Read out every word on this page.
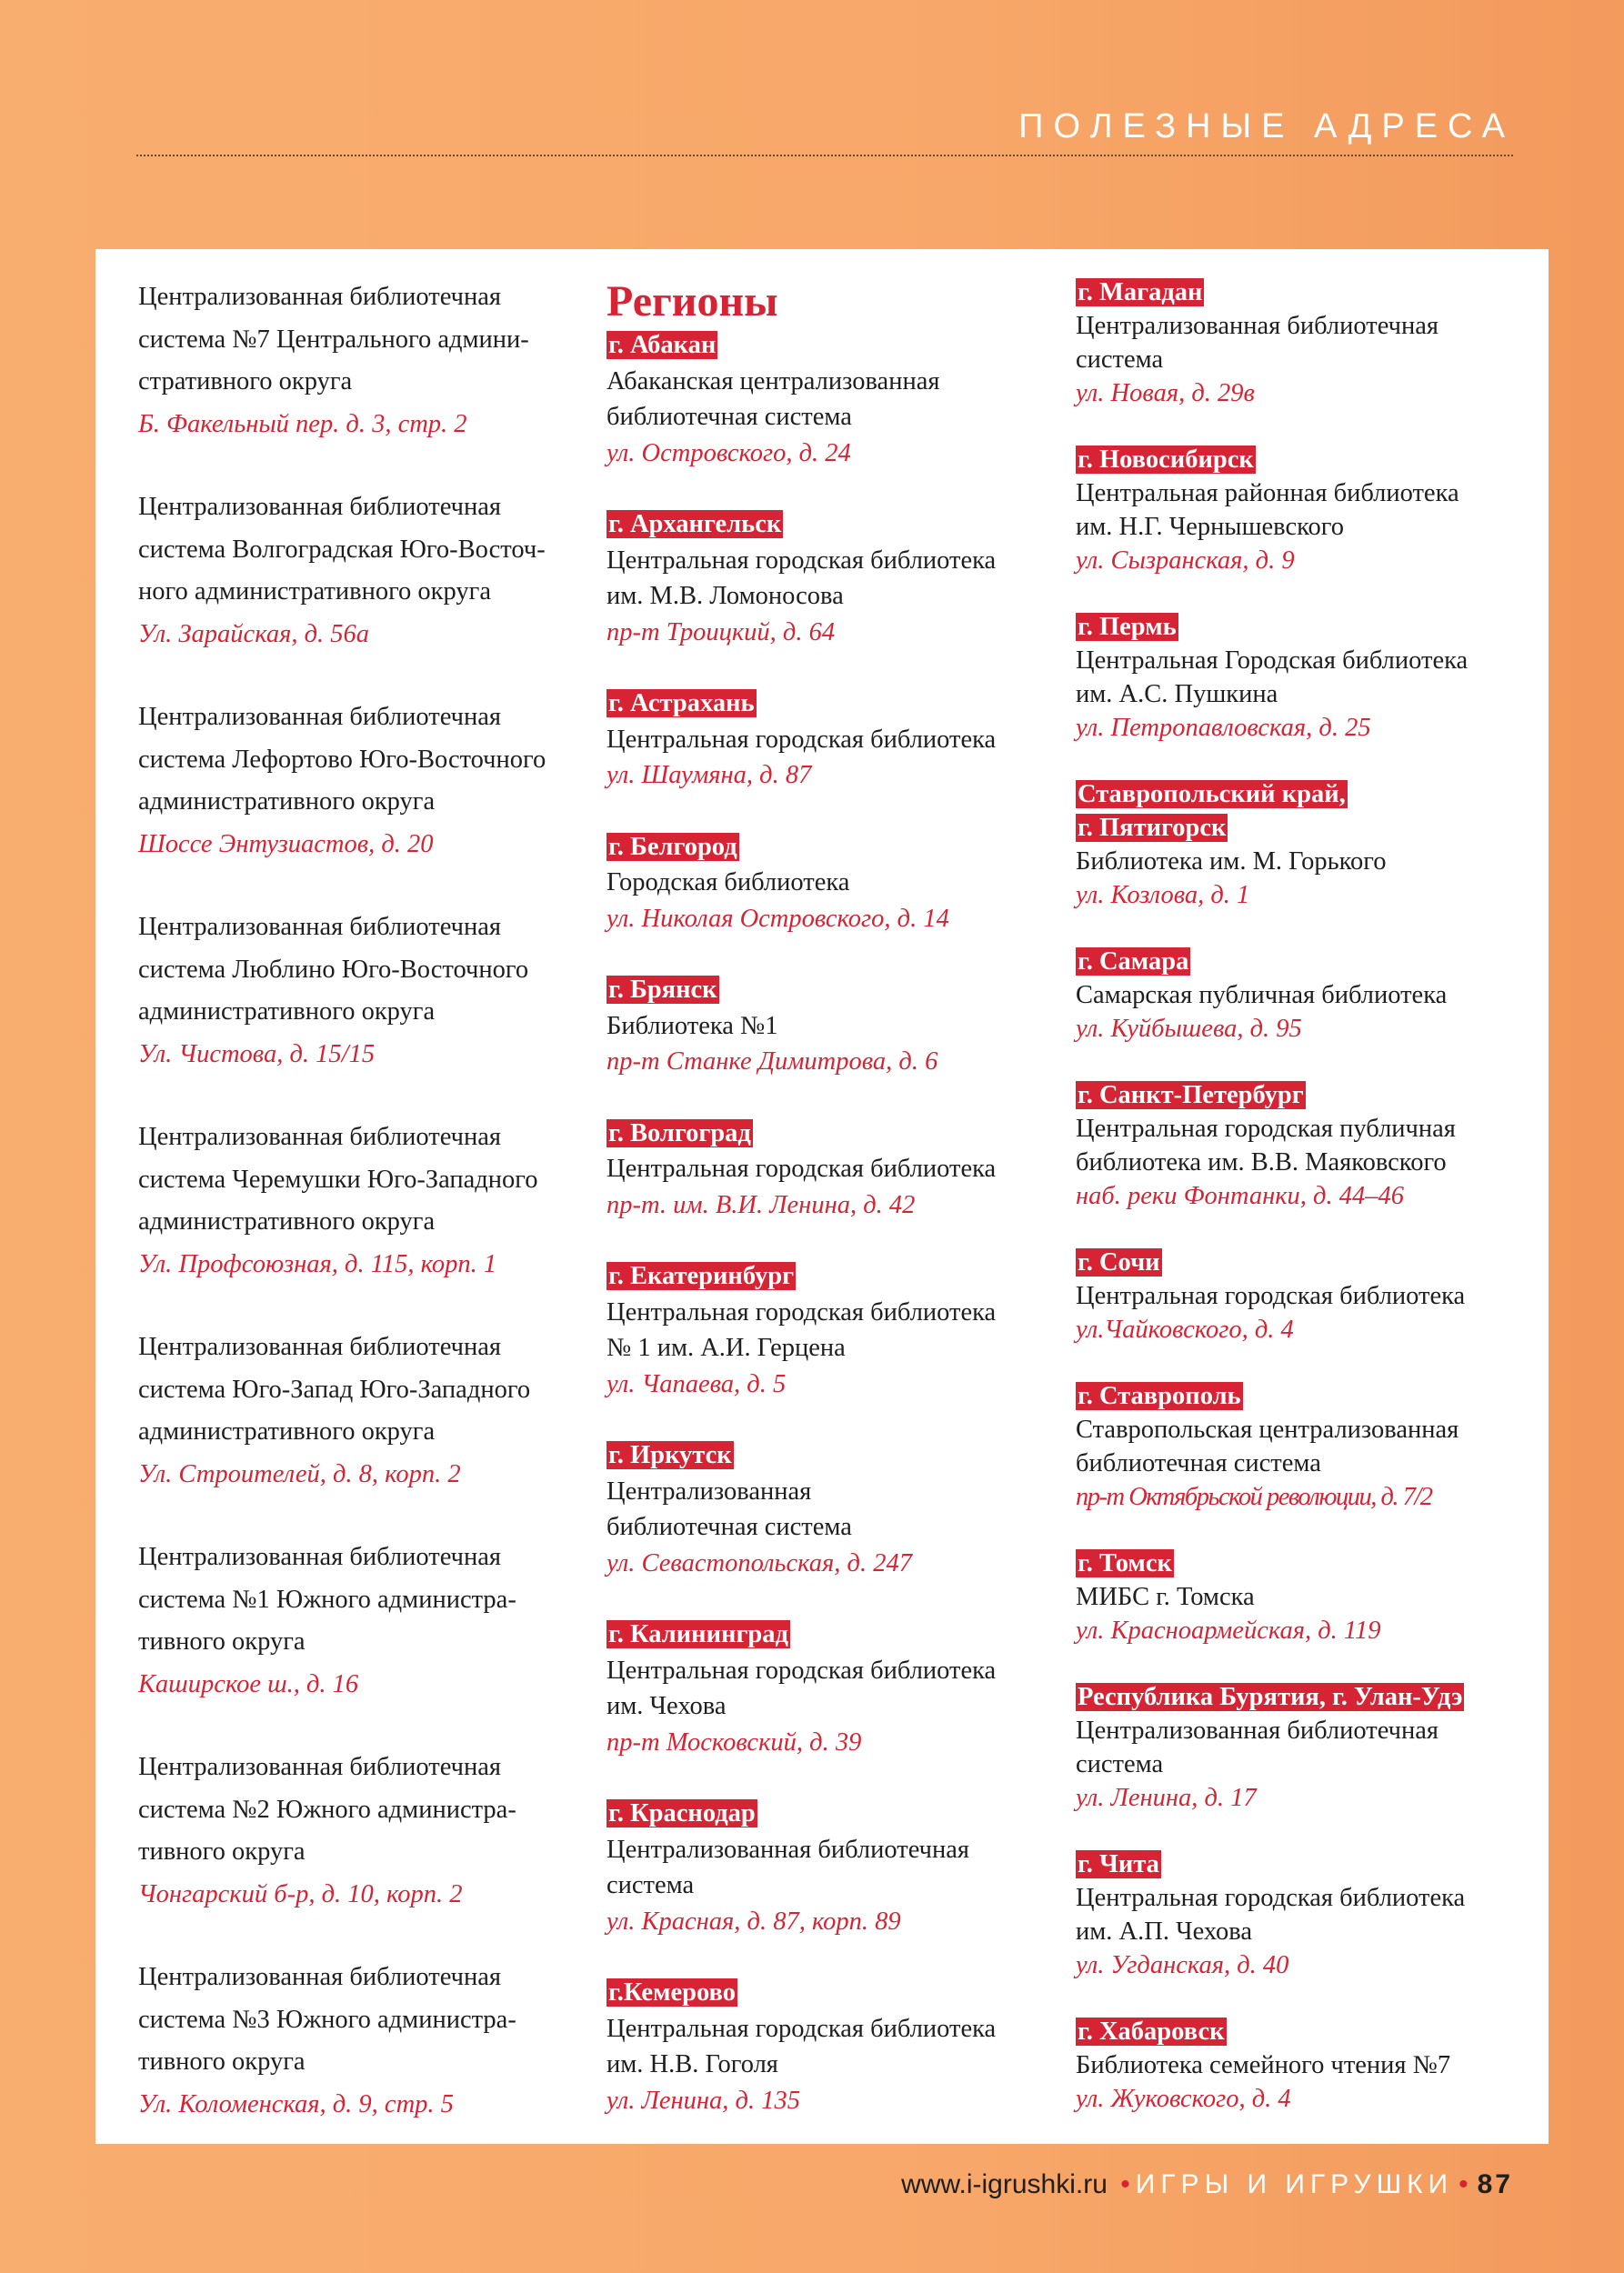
ПОЛЕЗНЫЕ АДРЕСА
Централизованная библиотечная
система №7 Центрального админи-
стративного округа
Б. Факельный пер. д. 3, стр. 2
Централизованная библиотечная
система Волгоградская Юго-Восточ-
ного административного округа
Ул. Зарайская, д. 56а
Централизованная библиотечная
система Лефортово Юго-Восточного
административного округа
Шоссе Энтузиастов, д. 20
Централизованная библиотечная
система Люблино Юго-Восточного
административного округа
Ул. Чистова, д. 15/15
Централизованная библиотечная
система Черемушки Юго-Западного
административного округа
Ул. Профсоюзная, д. 115, корп. 1
Централизованная библиотечная
система Юго-Запад Юго-Западного
административного округа
Ул. Строителей, д. 8, корп. 2
Централизованная библиотечная
система №1 Южного администра-
тивного округа
Каширское ш., д. 16
Централизованная библиотечная
система №2 Южного администра-
тивного округа
Чонгарский б-р, д. 10, корп. 2
Централизованная библиотечная
система №3 Южного администра-
тивного округа
Ул. Коломенская, д. 9, стр. 5
Регионы
г. Абакан
Абаканская централизованная
библиотечная система
ул. Островского, д. 24
г. Архангельск
Центральная городская библиотека
им. М.В. Ломоносова
пр-т Троицкий, д. 64
г. Астрахань
Центральная городская библиотека
ул. Шаумяна, д. 87
г. Белгород
Городская библиотека
ул. Николая Островского, д. 14
г. Брянск
Библиотека №1
пр-т Станке Димитрова, д. 6
г. Волгоград
Центральная городская библиотека
пр-т. им. В.И. Ленина, д. 42
г. Екатеринбург
Центральная городская библиотека
№ 1 им. А.И. Герцена
ул. Чапаева, д. 5
г. Иркутск
Централизованная
библиотечная система
ул. Севастопольская, д. 247
г. Калининград
Центральная городская библиотека
им. Чехова
пр-т Московский, д. 39
г. Краснодар
Централизованная библиотечная
система
ул. Красная, д. 87, корп. 89
г.Кемерово
Центральная городская библиотека
им. Н.В. Гоголя
ул. Ленина, д. 135
г. Магадан
Централизованная библиотечная
система
ул. Новая, д. 29в
г. Новосибирск
Центральная районная библиотека
им. Н.Г. Чернышевского
ул. Сызранская, д. 9
г. Пермь
Центральная Городская библиотека
им. А.С. Пушкина
ул. Петропавловская, д. 25
Ставропольский край,
г. Пятигорск
Библиотека им. М. Горького
ул. Козлова, д. 1
г. Самара
Самарская публичная библиотека
ул. Куйбышева, д. 95
г. Санкт-Петербург
Центральная городская публичная
библиотека им. В.В. Маяковского
наб. реки Фонтанки, д. 44–46
г. Сочи
Центральная городская библиотека
ул.Чайковского, д. 4
г. Ставрополь
Ставропольская централизованная
библиотечная система
пр-т Октябрьской революции, д. 7/2
г. Томск
МИБС г. Томска
ул. Красноармейская, д. 119
Республика Бурятия, г. Улан-Удэ
Централизованная библиотечная
система
ул. Ленина, д. 17
г. Чита
Центральная городская библиотека
им. А.П. Чехова
ул. Угданская, д. 40
г. Хабаровск
Библиотека семейного чтения №7
ул. Жуковского, д. 4
www.i-igrushki.ru • ИГРЫ И ИГРУШКИ • 87
